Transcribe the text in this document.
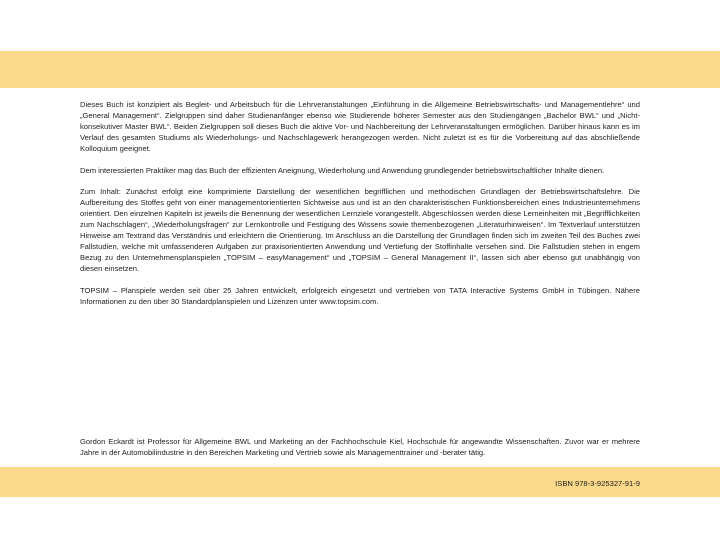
Dieses Buch ist konzipiert als Begleit- und Arbeitsbuch für die Lehrveranstaltungen „Einführung in die Allgemeine Betriebswirtschafts- und Managementlehre“ und „General Management“. Zielgruppen sind daher Studienanfänger ebenso wie Studierende höherer Semester aus den Studiengängen „Bachelor BWL“ und „Nicht-konsekutiver Master BWL“. Beiden Zielgruppen soll dieses Buch die aktive Vor- und Nachbereitung der Lehrveranstaltungen ermöglichen. Darüber hinaus kann es im Verlauf des gesamten Studiums als Wiederholungs- und Nachschlagewerk herangezogen werden. Nicht zuletzt ist es für die Vorbereitung auf das abschließende Kolloquium geeignet.

Dem interessierten Praktiker mag das Buch der effizienten Aneignung, Wiederholung und Anwendung grundlegender betriebswirtschaftlicher Inhalte dienen.

Zum Inhalt: Zunächst erfolgt eine komprimierte Darstellung der wesentlichen begrifflichen und methodischen Grundlagen der Betriebswirtschaftslehre. Die Aufbereitung des Stoffes geht von einer managementorientierten Sichtweise aus und ist an den charakteristischen Funktionsbereichen eines Industrieunternehmens orientiert. Den einzelnen Kapiteln ist jeweils die Benennung der wesentlichen Lernziele vorangestellt. Abgeschlossen werden diese Lerneinheiten mit „Begrifflichkeiten zum Nachschlagen“, „Wiederholungsfragen“ zur Lernkontrolle und Festigung des Wissens sowie themenbezogenen „Literaturhinweisen“. Im Textverlauf unterstützen Hinweise am Textrand das Verständnis und erleichtern die Orientierung. Im Anschluss an die Darstellung der Grundlagen finden sich im zweiten Teil des Buches zwei Fallstudien, welche mit umfassenderen Aufgaben zur praxisorientierten Anwendung und Vertiefung der Stoffinhalte versehen sind. Die Fallstudien stehen in engem Bezug zu den Unternehmensplanspielen „TOPSIM – easyManagement“ und „TOPSIM – General Management II“, lassen sich aber ebenso gut unabhängig von diesen einsetzen.

TOPSIM – Planspiele werden seit über 25 Jahren entwickelt, erfolgreich eingesetzt und vertrieben von TATA Interactive Systems GmbH in Tübingen. Nähere Informationen zu den über 30 Standardplanspielen und Lizenzen unter www.topsim.com.

Gordon Eckardt ist Professor für Allgemeine BWL und Marketing an der Fachhochschule Kiel, Hochschule für angewandte Wissenschaften. Zuvor war er mehrere Jahre in der Automobilindustrie in den Bereichen Marketing und Vertrieb sowie als Managementtrainer und -berater tätig.

ISBN 978-3-925327-91-9
